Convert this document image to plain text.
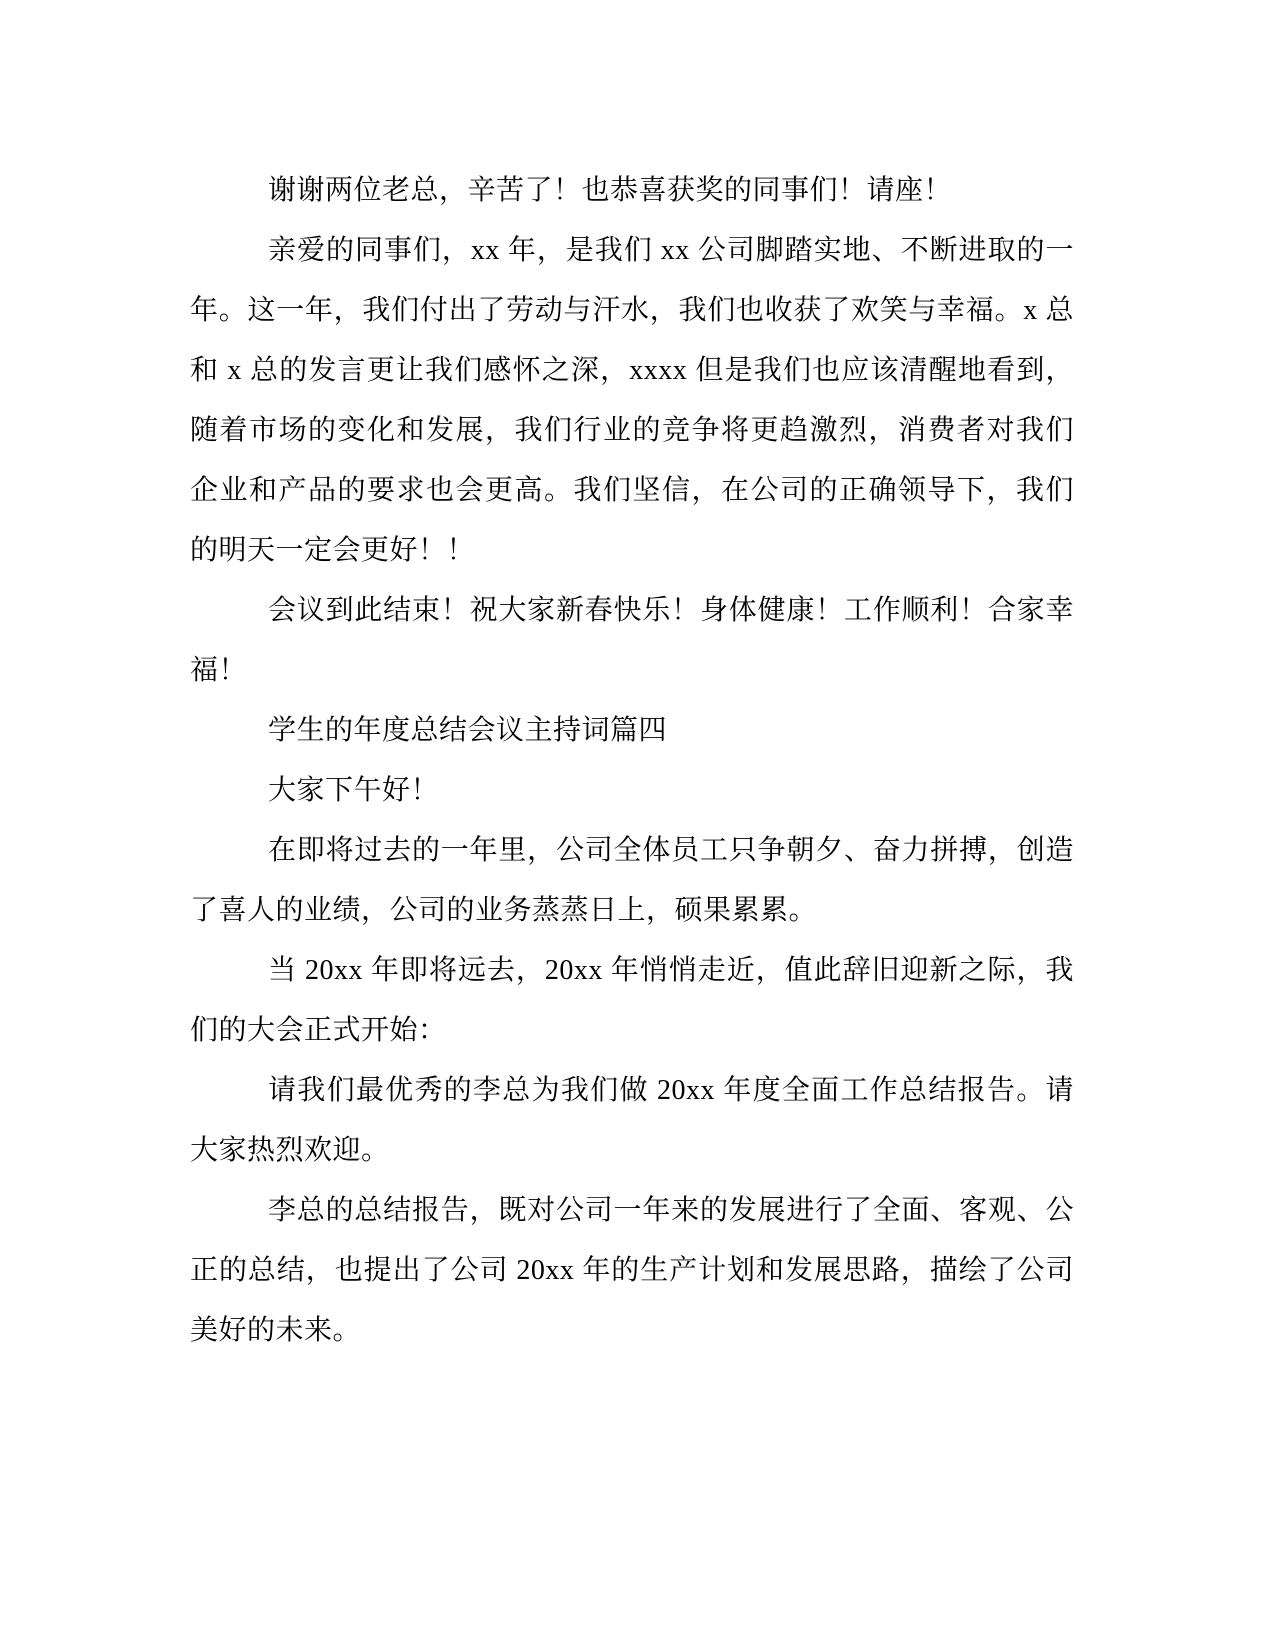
谢谢两位老总，辛苦了！也恭喜获奖的同事们！请座！
亲爱的同事们，xx 年，是我们 xx 公司脚踏实地、不断进取的一
年。这一年，我们付出了劳动与汗水，我们也收获了欢笑与幸福。x 总
和 x 总的发言更让我们感怀之深，xxxx 但是我们也应该清醒地看到，
随着市场的变化和发展，我们行业的竞争将更趋激烈，消费者对我们
企业和产品的要求也会更高。我们坚信，在公司的正确领导下，我们
的明天一定会更好！！
会议到此结束！祝大家新春快乐！身体健康！工作顺利！合家幸
福！
学生的年度总结会议主持词篇四
大家下午好！
在即将过去的一年里，公司全体员工只争朝夕、奋力拼搏，创造
了喜人的业绩，公司的业务蒸蒸日上，硕果累累。
当 20xx 年即将远去，20xx 年悄悄走近，值此辞旧迎新之际，我
们的大会正式开始：
请我们最优秀的李总为我们做 20xx 年度全面工作总结报告。请
大家热烈欢迎。
李总的总结报告，既对公司一年来的发展进行了全面、客观、公
正的总结，也提出了公司 20xx 年的生产计划和发展思路，描绘了公司
美好的未来。
